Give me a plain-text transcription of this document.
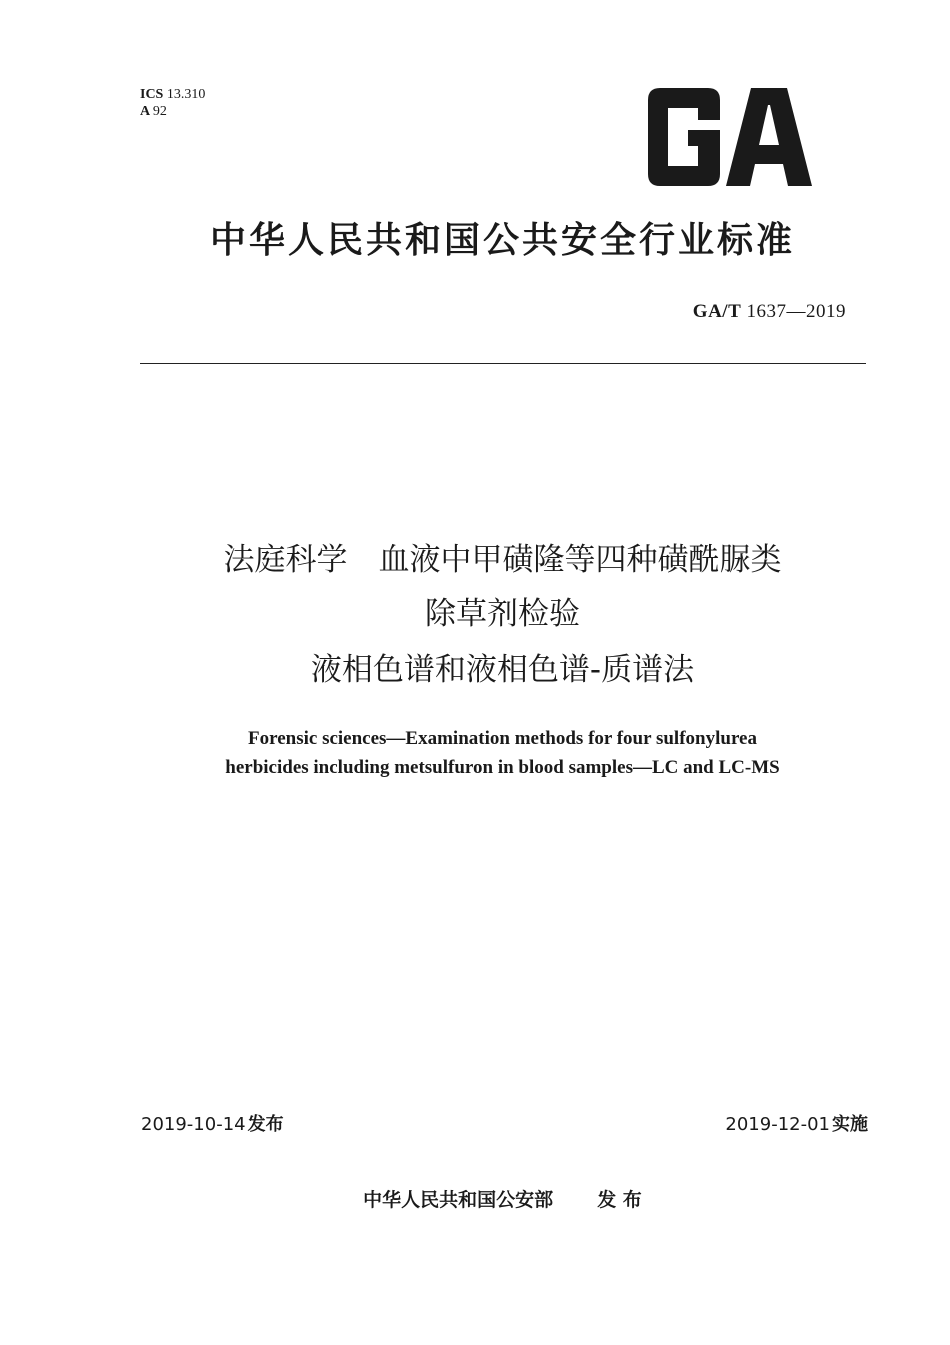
ICS 13.310
A 92
中华人民共和国公共安全行业标准
GA/T 1637—2019
法庭科学　血液中甲磺隆等四种磺酰脲类
除草剂检验
液相色谱和液相色谱-质谱法
Forensic sciences—Examination methods for four sulfonylurea
herbicides including metsulfuron in blood samples—LC and LC-MS
2019-10-14 发布	2019-12-01 实施
中华人民共和国公安部 发 布
